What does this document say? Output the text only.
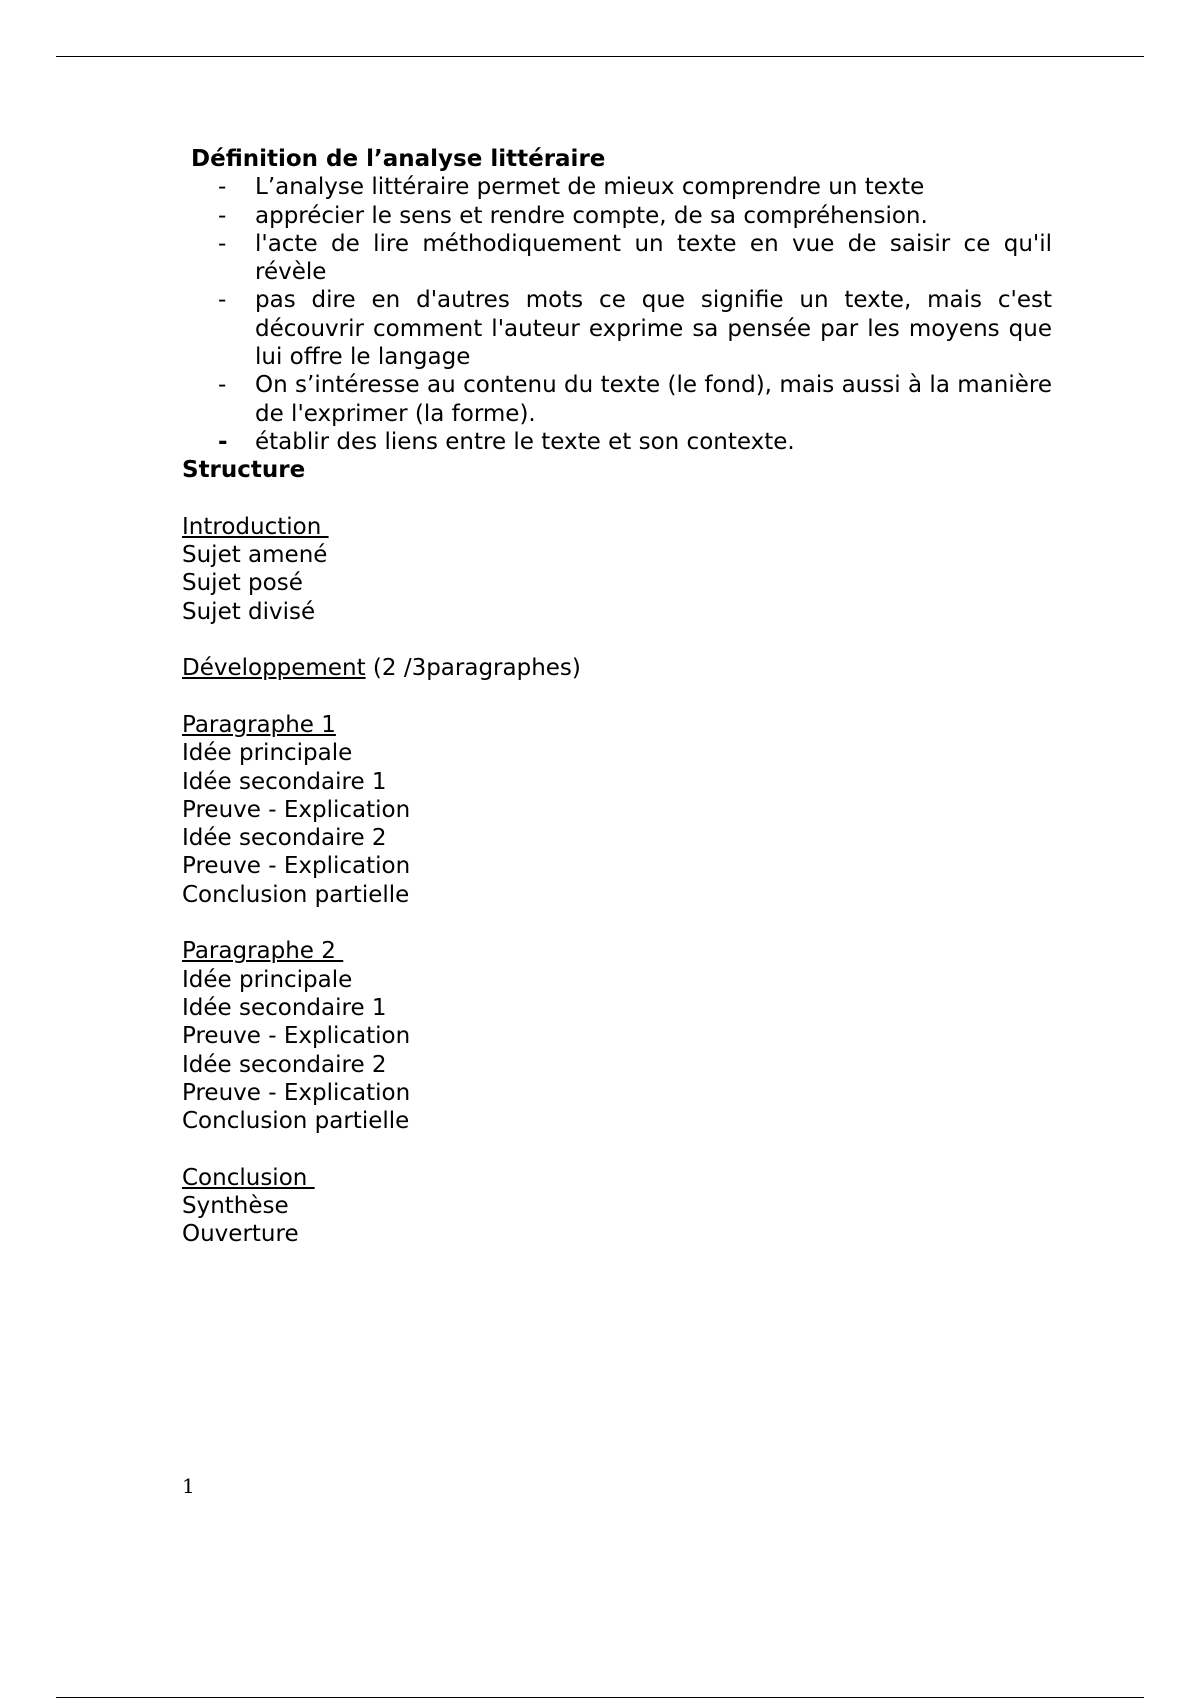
Définition de l’analyse littéraire
- L’analyse littéraire permet de mieux comprendre un texte
- apprécier le sens et rendre compte, de sa compréhension.
- l'acte de lire méthodiquement un texte en vue de saisir ce qu'il révèle
- pas dire en d'autres mots ce que signifie un texte, mais c'est découvrir comment l'auteur exprime sa pensée par les moyens que lui offre le langage
- On s’intéresse au contenu du texte (le fond), mais aussi à la manière de l'exprimer (la forme).
- établir des liens entre le texte et son contexte.
Structure
Introduction
Sujet amené
Sujet posé
Sujet divisé
Développement (2 /3paragraphes)
Paragraphe 1
Idée principale
Idée secondaire 1
Preuve - Explication
Idée secondaire 2
Preuve - Explication
Conclusion partielle
Paragraphe 2
Idée principale
Idée secondaire 1
Preuve - Explication
Idée secondaire 2
Preuve - Explication
Conclusion partielle
Conclusion
Synthèse
Ouverture
1
